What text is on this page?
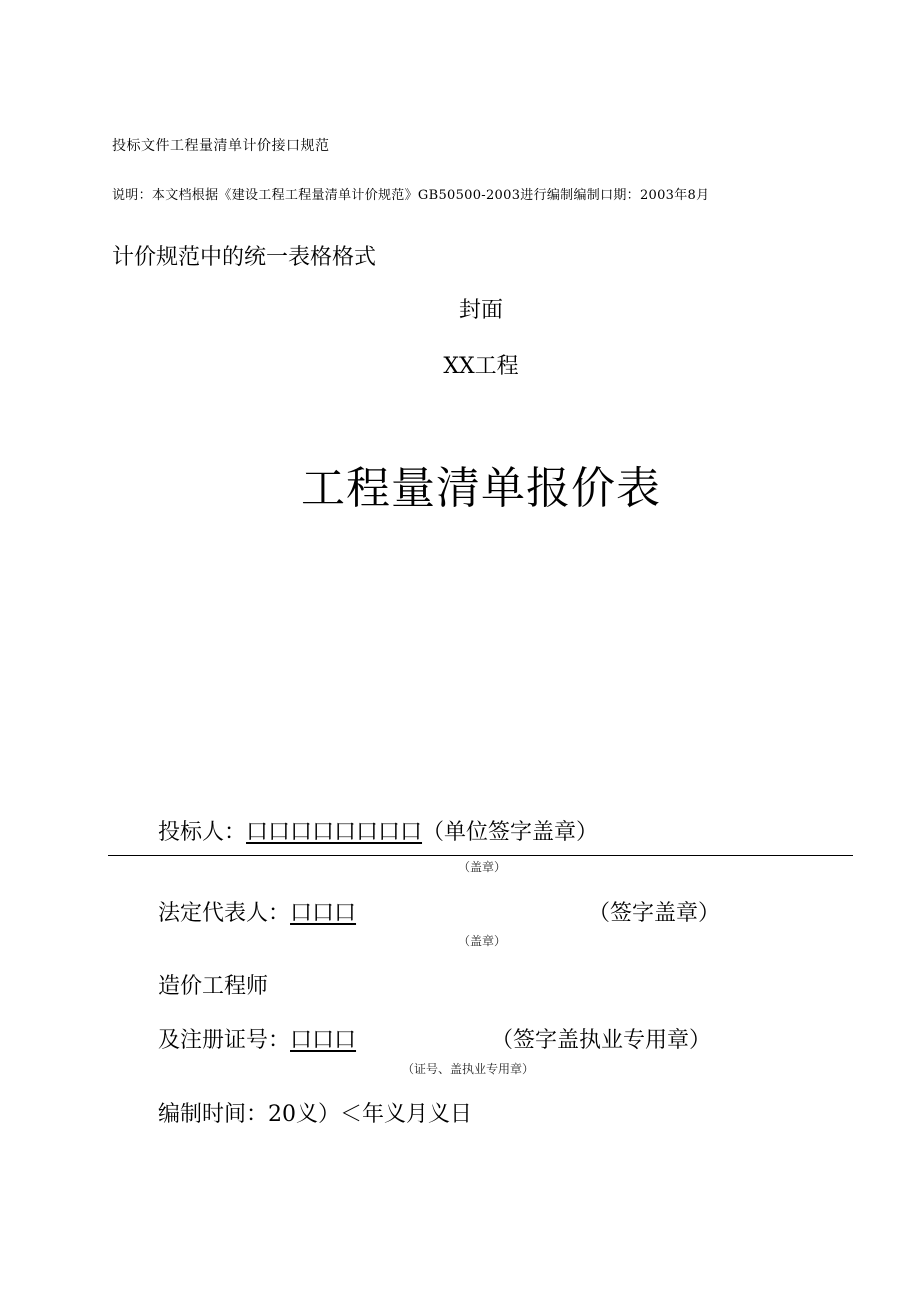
投标文件工程量清单计价接口规范
说明：本文档根据《建设工程工程量清单计价规范》GB50500-2003进行编制编制口期：2003年8月
计价规范中的统一表格格式
封面
XX工程
工程量清单报价表
投标人：口口口口口口口口（单位签字盖章）
（盖章）
法定代表人：口口口	（签字盖章）
（盖章）
造价工程师
及注册证号：口口口	（签字盖执业专用章）
（证号、盖执业专用章）
编制时间：20义）＜年义月义日
